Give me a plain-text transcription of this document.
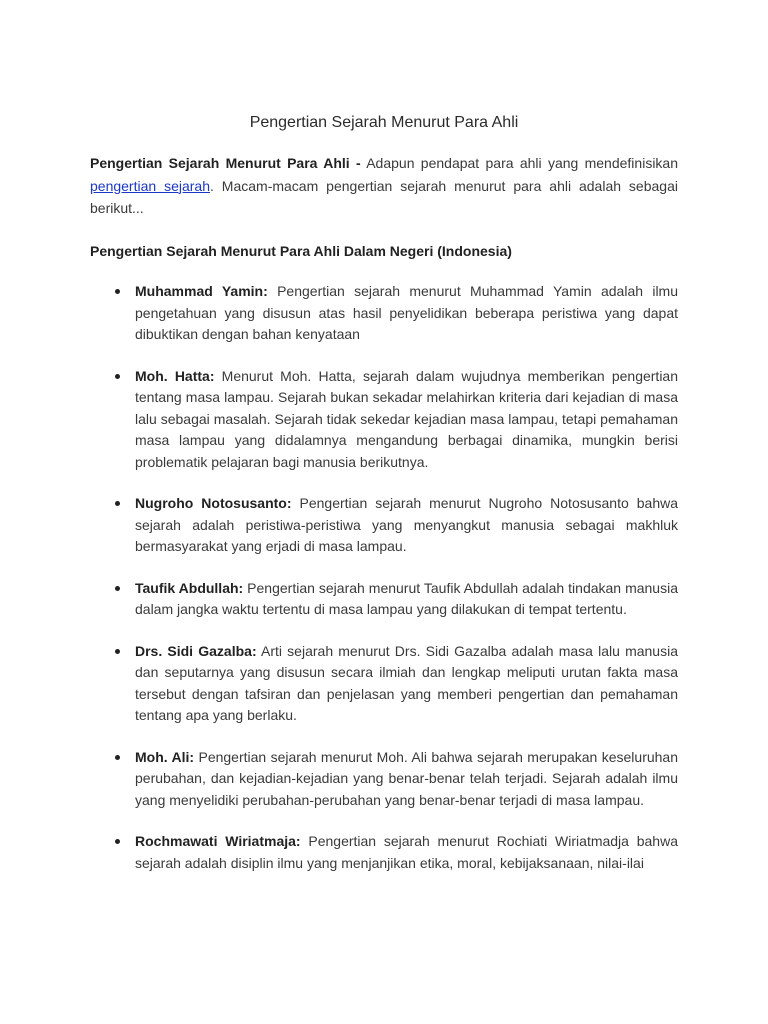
Pengertian Sejarah Menurut Para Ahli

Pengertian Sejarah Menurut Para Ahli - Adapun pendapat para ahli yang mendefinisikan pengertian sejarah. Macam-macam pengertian sejarah menurut para ahli adalah sebagai berikut...

Pengertian Sejarah Menurut Para Ahli Dalam Negeri (Indonesia)
Muhammad Yamin: Pengertian sejarah menurut Muhammad Yamin adalah ilmu pengetahuan yang disusun atas hasil penyelidikan beberapa peristiwa yang dapat dibuktikan dengan bahan kenyataan
Moh. Hatta: Menurut Moh. Hatta, sejarah dalam wujudnya memberikan pengertian tentang masa lampau. Sejarah bukan sekadar melahirkan kriteria dari kejadian di masa lalu sebagai masalah. Sejarah tidak sekedar kejadian masa lampau, tetapi pemahaman masa lampau yang didalamnya mengandung berbagai dinamika, mungkin berisi problematik pelajaran bagi manusia berikutnya.
Nugroho Notosusanto: Pengertian sejarah menurut Nugroho Notosusanto bahwa sejarah adalah peristiwa-peristiwa yang menyangkut manusia sebagai makhluk bermasyarakat yang erjadi di masa lampau.
Taufik Abdullah: Pengertian sejarah menurut Taufik Abdullah adalah tindakan manusia dalam jangka waktu tertentu di masa lampau yang dilakukan di tempat tertentu.
Drs. Sidi Gazalba: Arti sejarah menurut Drs. Sidi Gazalba adalah masa lalu manusia dan seputarnya yang disusun secara ilmiah dan lengkap meliputi urutan fakta masa tersebut dengan tafsiran dan penjelasan yang memberi pengertian dan pemahaman tentang apa yang berlaku.
Moh. Ali: Pengertian sejarah menurut Moh. Ali bahwa sejarah merupakan keseluruhan perubahan, dan kejadian-kejadian yang benar-benar telah terjadi. Sejarah adalah ilmu yang menyelidiki perubahan-perubahan yang benar-benar terjadi di masa lampau.
Rochmawati Wiriatmaja: Pengertian sejarah menurut Rochiati Wiriatmadja bahwa sejarah adalah disiplin ilmu yang menjanjikan etika, moral, kebijaksanaan, nilai-ilai
